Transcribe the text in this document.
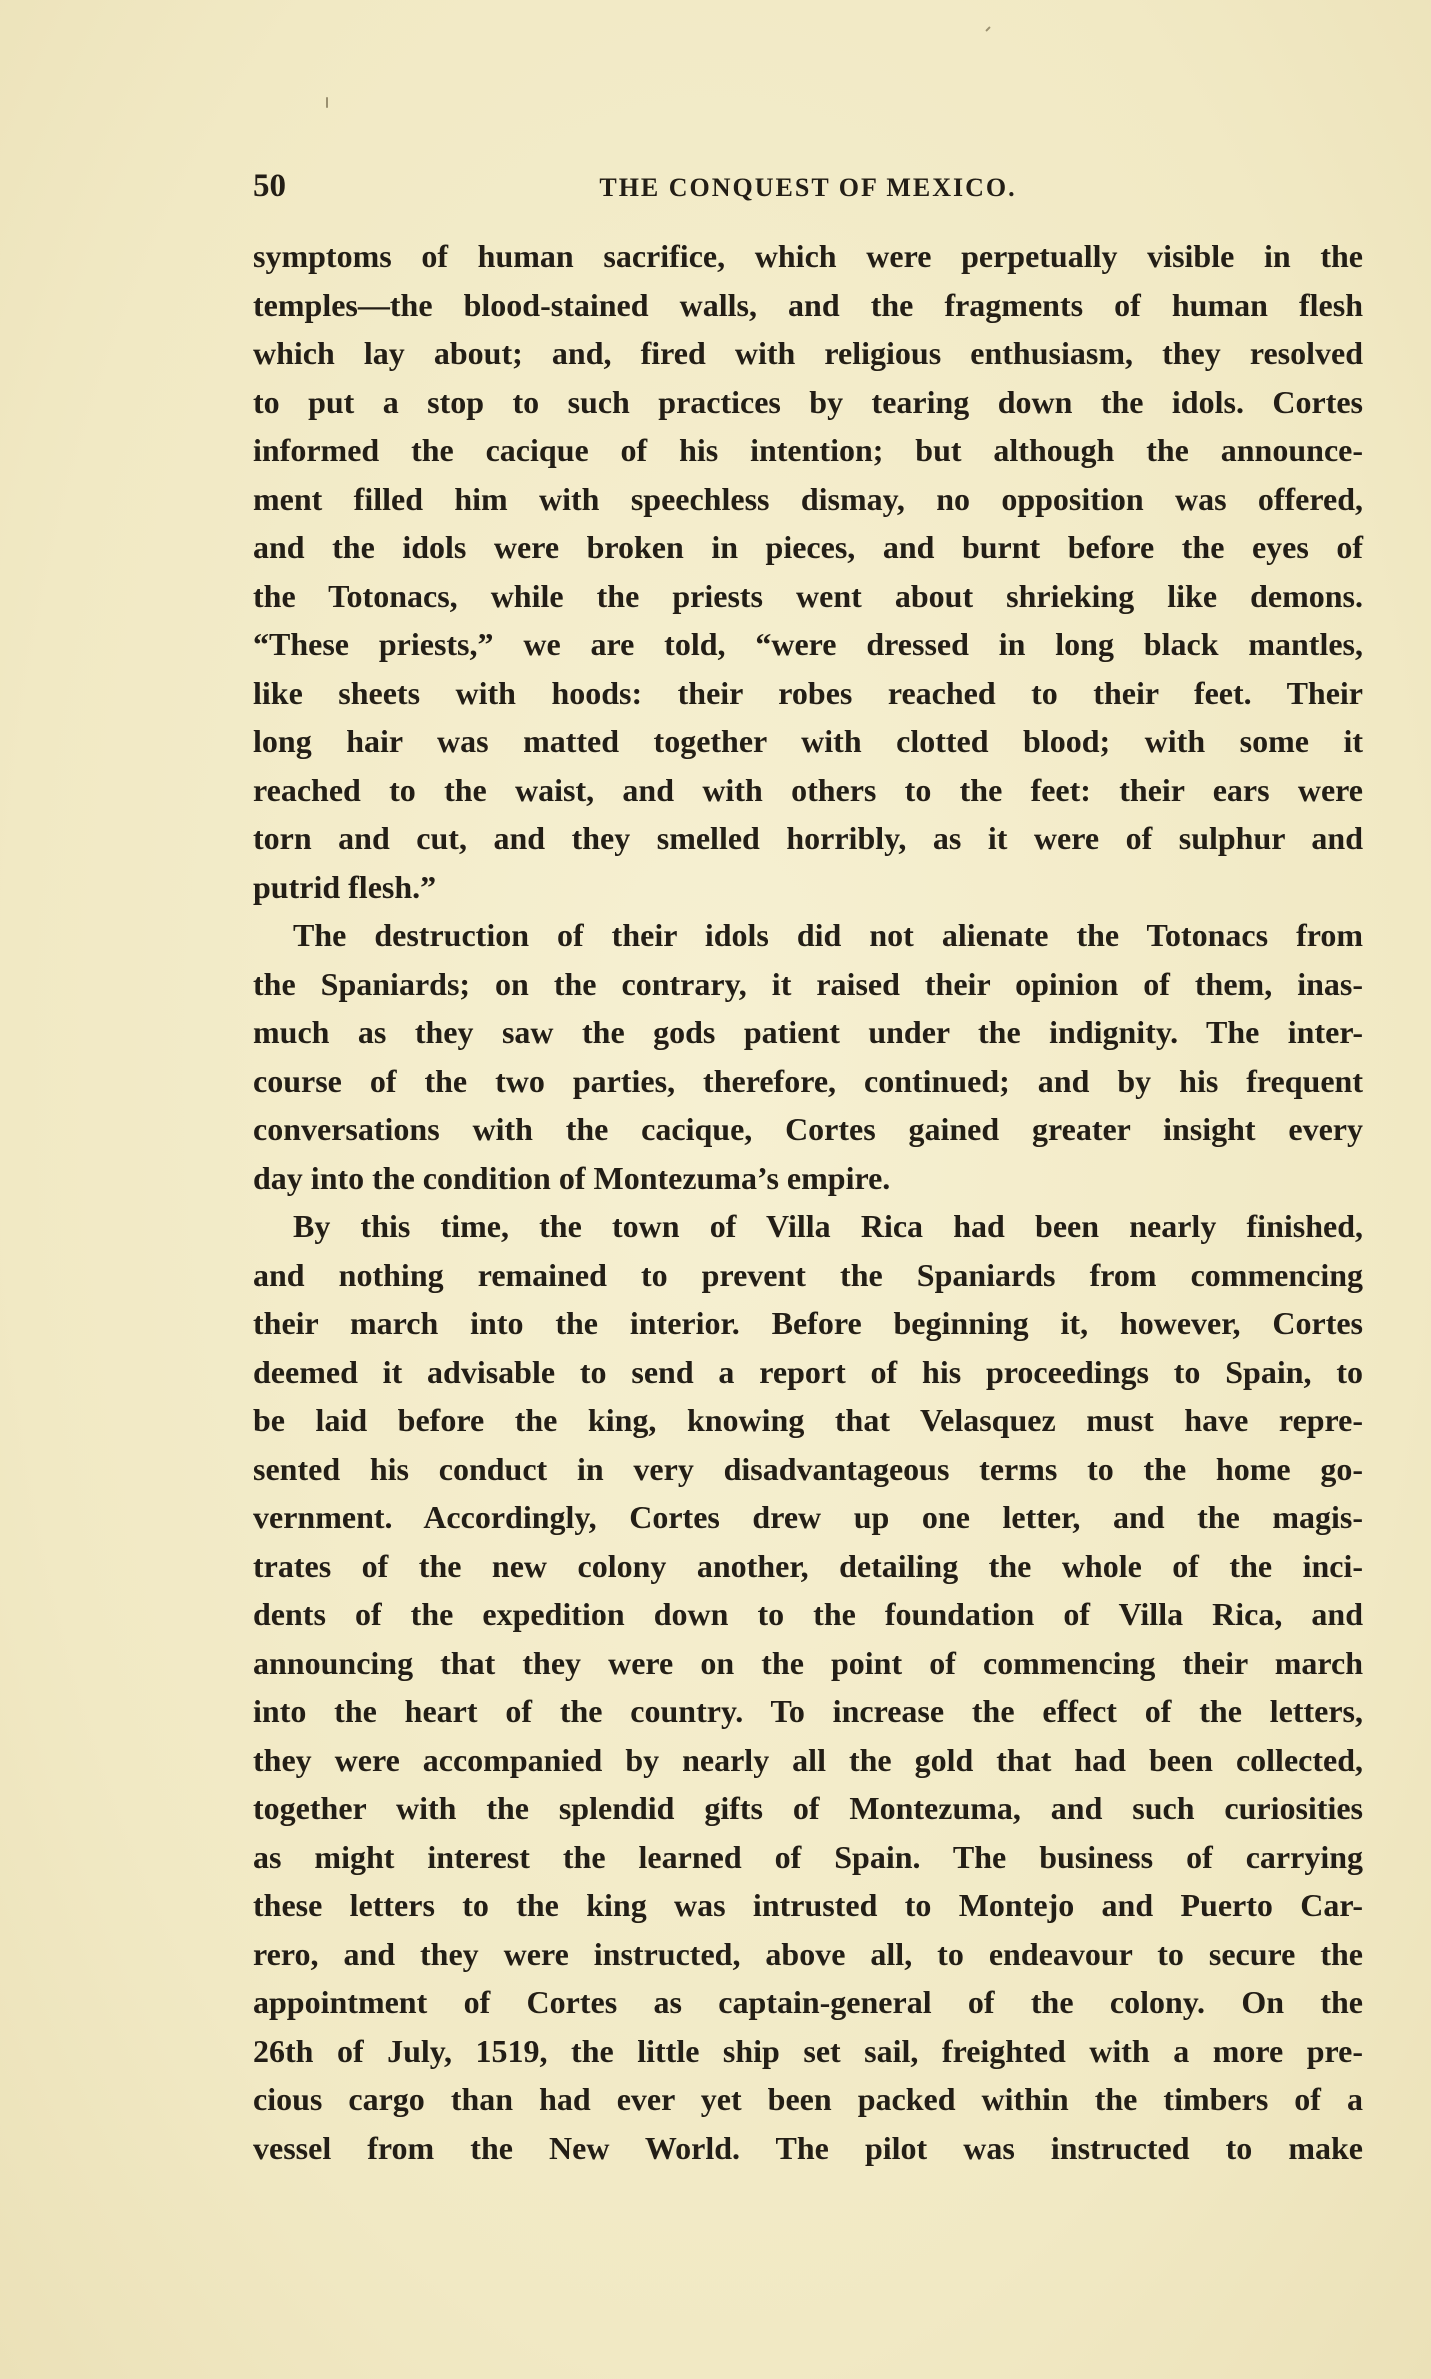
50	THE CONQUEST OF MEXICO.
symptoms of human sacrifice, which were perpetually visible in the
temples—the blood-stained walls, and the fragments of human flesh
which lay about; and, fired with religious enthusiasm, they resolved
to put a stop to such practices by tearing down the idols. Cortes
informed the cacique of his intention; but although the announce-
ment filled him with speechless dismay, no opposition was offered,
and the idols were broken in pieces, and burnt before the eyes of
the Totonacs, while the priests went about shrieking like demons.
“These priests,” we are told, “were dressed in long black mantles,
like sheets with hoods: their robes reached to their feet. Their
long hair was matted together with clotted blood; with some it
reached to the waist, and with others to the feet: their ears were
torn and cut, and they smelled horribly, as it were of sulphur and
putrid flesh.”
The destruction of their idols did not alienate the Totonacs from
the Spaniards; on the contrary, it raised their opinion of them, inas-
much as they saw the gods patient under the indignity. The inter-
course of the two parties, therefore, continued; and by his frequent
conversations with the cacique, Cortes gained greater insight every
day into the condition of Montezuma’s empire.
By this time, the town of Villa Rica had been nearly finished,
and nothing remained to prevent the Spaniards from commencing
their march into the interior. Before beginning it, however, Cortes
deemed it advisable to send a report of his proceedings to Spain, to
be laid before the king, knowing that Velasquez must have repre-
sented his conduct in very disadvantageous terms to the home go-
vernment. Accordingly, Cortes drew up one letter, and the magis-
trates of the new colony another, detailing the whole of the inci-
dents of the expedition down to the foundation of Villa Rica, and
announcing that they were on the point of commencing their march
into the heart of the country. To increase the effect of the letters,
they were accompanied by nearly all the gold that had been collected,
together with the splendid gifts of Montezuma, and such curiosities
as might interest the learned of Spain. The business of carrying
these letters to the king was intrusted to Montejo and Puerto Car-
rero, and they were instructed, above all, to endeavour to secure the
appointment of Cortes as captain-general of the colony. On the
26th of July, 1519, the little ship set sail, freighted with a more pre-
cious cargo than had ever yet been packed within the timbers of a
vessel from the New World. The pilot was instructed to make
